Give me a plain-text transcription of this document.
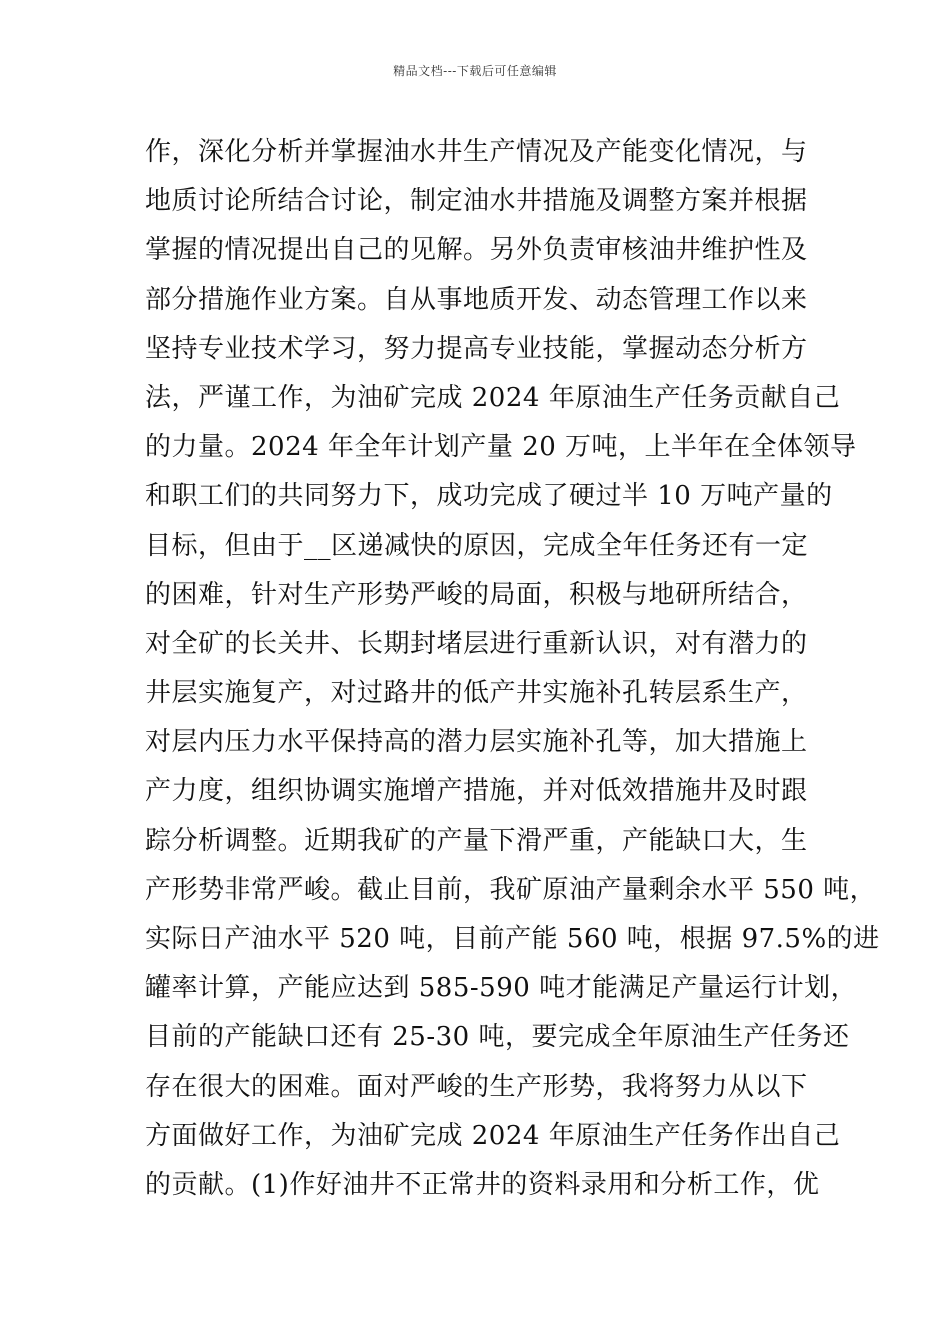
精品文档---下载后可任意编辑
作，深化分析并掌握油水井生产情况及产能变化情况，与
地质讨论所结合讨论，制定油水井措施及调整方案并根据
掌握的情况提出自己的见解。另外负责审核油井维护性及
部分措施作业方案。自从事地质开发、动态管理工作以来
坚持专业技术学习，努力提高专业技能，掌握动态分析方
法，严谨工作，为油矿完成 2024 年原油生产任务贡献自己
的力量。2024 年全年计划产量 20 万吨，上半年在全体领导
和职工们的共同努力下，成功完成了硬过半 10 万吨产量的
目标，但由于__区递减快的原因，完成全年任务还有一定
的困难，针对生产形势严峻的局面，积极与地研所结合，
对全矿的长关井、长期封堵层进行重新认识，对有潜力的
井层实施复产，对过路井的低产井实施补孔转层系生产，
对层内压力水平保持高的潜力层实施补孔等，加大措施上
产力度，组织协调实施增产措施，并对低效措施井及时跟
踪分析调整。近期我矿的产量下滑严重，产能缺口大，生
产形势非常严峻。截止目前，我矿原油产量剩余水平 550 吨，
实际日产油水平 520 吨，目前产能 560 吨，根据 97.5%的进
罐率计算，产能应达到 585-590 吨才能满足产量运行计划，
目前的产能缺口还有 25-30 吨，要完成全年原油生产任务还
存在很大的困难。面对严峻的生产形势，我将努力从以下
方面做好工作，为油矿完成 2024 年原油生产任务作出自己
的贡献。(1)作好油井不正常井的资料录用和分析工作，优
